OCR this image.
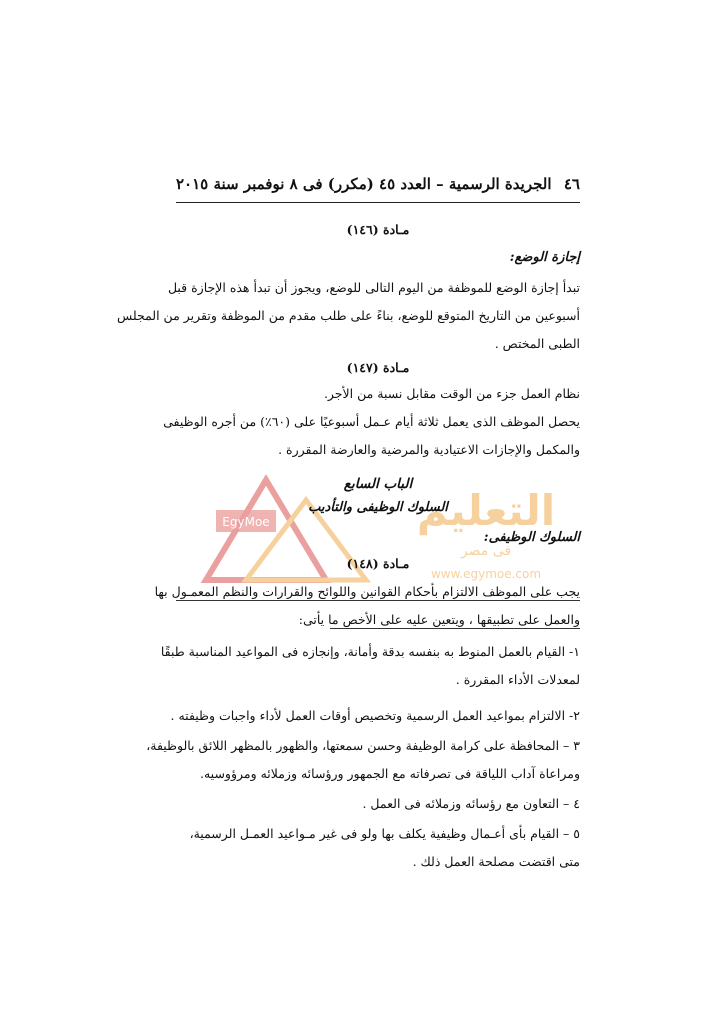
٤٦
الجريدة الرسمية – العدد ٤٥ (مكرر) فى ٨ نوفمبر سنة ٢٠١٥
مـادة (١٤٦)
إجازة الوضع:
تبدأ إجازة الوضع للموظفة من اليوم التالى للوضع، ويجوز أن تبدأ هذه الإجازة قبل
أسبوعين من التاريخ المتوقع للوضع، بناءً على طلب مقدم من الموظفة وتقرير من المجلس
الطبى المختص .
مـادة (١٤٧)
نظام العمل جزء من الوقت مقابل نسبة من الأجر.
يحصل الموظف الذى يعمل ثلاثة أيام عـمل أسبوعيًا على (٦٠٪) من أجره الوظيفى
والمكمل والإجازات الاعتيادية والمرضية والعارضة المقررة .
EgyMoe	التعليم
فى مصر
www.egymoe.com
الباب السابع
السلوك الوظيفى والتأديب
السلوك الوظيفى:
مـادة (١٤٨)
يجب على الموظف الالتزام بأحكام القوانين واللوائح والقرارات والنظم المعمـول بها
والعمل على تطبيقها ، ويتعين عليه على الأخص ما يأتى:
١- القيام بالعمل المنوط به بنفسه بدقة وأمانة، وإنجازه فى المواعيد المناسبة طبقًا
لمعدلات الأداء المقررة .
٢- الالتزام بمواعيد العمل الرسمية وتخصيص أوقات العمل لأداء واجبات وظيفته .
٣ – المحافظة على كرامة الوظيفة وحسن سمعتها، والظهور بالمظهر اللائق بالوظيفة،
ومراعاة آداب اللياقة فى تصرفاته مع الجمهور ورؤسائه وزملائه ومرؤوسيه.
٤ – التعاون مع رؤسائه وزملائه فى العمل .
٥ – القيام بأى أعـمال وظيفية يكلف بها ولو فى غير مـواعيد العمـل الرسمية،
متى اقتضت مصلحة العمل ذلك .
